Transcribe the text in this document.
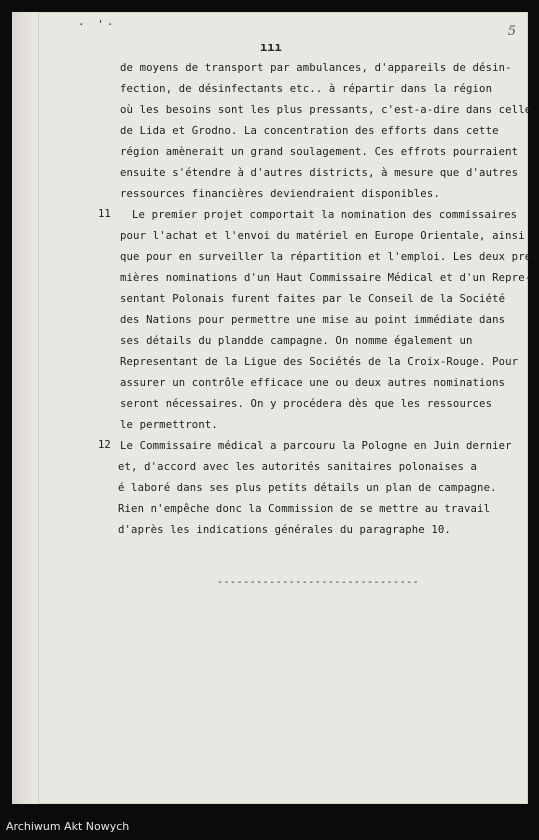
· '·	5
ııı
de moyens de transport par ambulances, d'appareils de désin-
fection, de désinfectants etc.. à répartir dans la région
où les besoins sont les plus pressants, c'est-a-dire dans celle
de Lida et Grodno. La concentration des efforts dans cette
région amènerait un grand soulagement. Ces effrots pourraient
ensuite s'étendre à d'autres districts, à mesure que d'autres
ressources financières deviendraient disponibles.
11 Le premier projet comportait la nomination des commissaires
pour l'achat et l'envoi du matériel en Europe Orientale, ainsi
que pour en surveiller la répartition et l'emploi. Les deux pre-
mières nominations d'un Haut Commissaire Médical et d'un Repre-
sentant Polonais furent faites par le Conseil de la Société
des Nations pour permettre une mise au point immédiate dans
ses détails du plandde campagne. On nomme également un
Representant de la Ligue des Sociétés de la Croix-Rouge. Pour
assurer un contrôle efficace une ou deux autres nominations
seront nécessaires. On y procédera dès que les ressources
le permettront.
12 Le Commissaire médical a parcouru la Pologne en Juin dernier
et, d'accord avec les autorités sanitaires polonaises a
é laboré dans ses plus petits détails un plan de campagne.
Rien n'empêche donc la Commission de se mettre au travail
d'après les indications générales du paragraphe 10.
-------------------------------
Archiwum Akt Nowych
